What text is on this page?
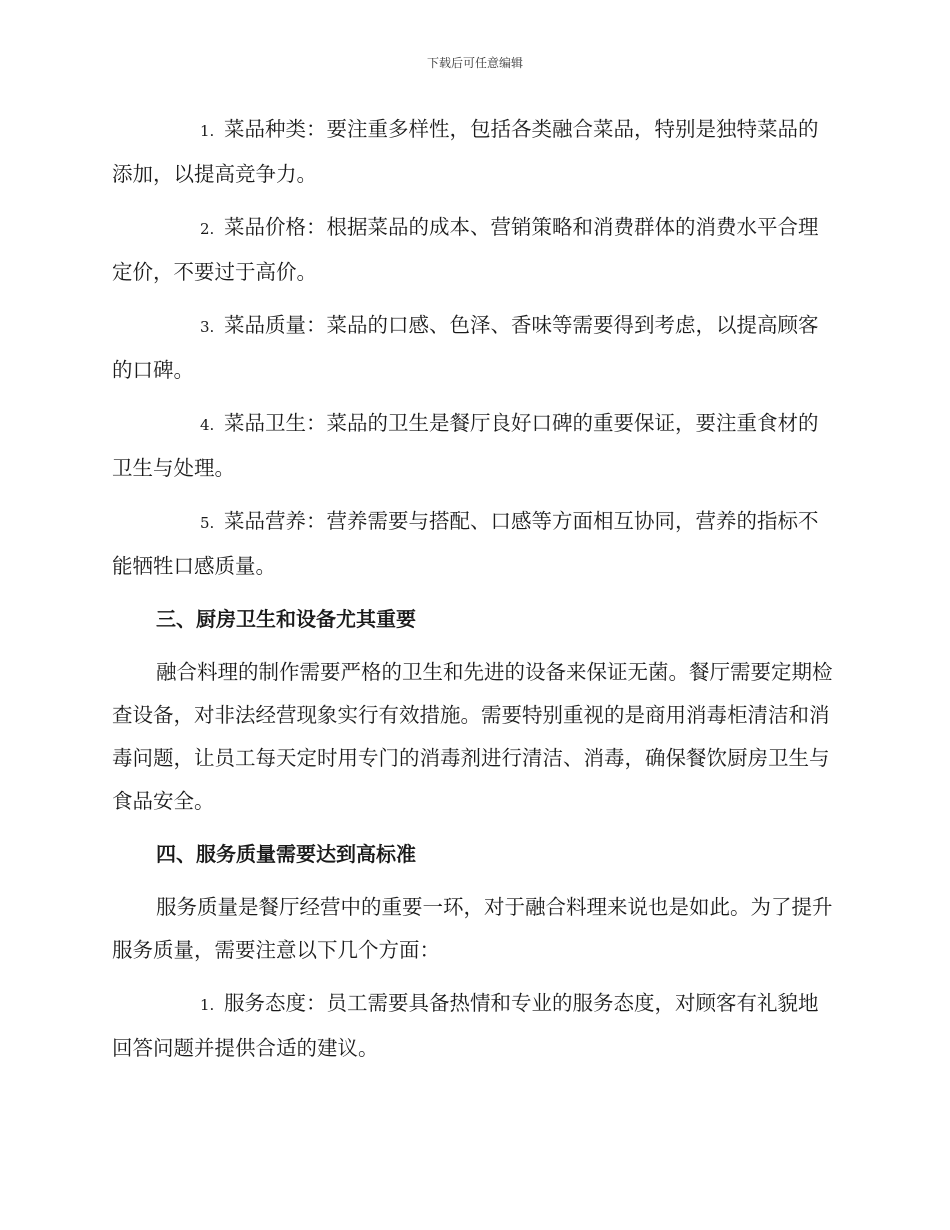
下载后可任意编辑
1. 菜品种类：要注重多样性，包括各类融合菜品，特别是独特菜品的添加，以提高竞争力。
2. 菜品价格：根据菜品的成本、营销策略和消费群体的消费水平合理定价，不要过于高价。
3. 菜品质量：菜品的口感、色泽、香味等需要得到考虑，以提高顾客的口碑。
4. 菜品卫生：菜品的卫生是餐厅良好口碑的重要保证，要注重食材的卫生与处理。
5. 菜品营养：营养需要与搭配、口感等方面相互协同，营养的指标不能牺牲口感质量。
三、厨房卫生和设备尤其重要
融合料理的制作需要严格的卫生和先进的设备来保证无菌。餐厅需要定期检查设备，对非法经营现象实行有效措施。需要特别重视的是商用消毒柜清洁和消毒问题，让员工每天定时用专门的消毒剂进行清洁、消毒，确保餐饮厨房卫生与食品安全。
四、服务质量需要达到高标准
服务质量是餐厅经营中的重要一环，对于融合料理来说也是如此。为了提升服务质量，需要注意以下几个方面：
1. 服务态度：员工需要具备热情和专业的服务态度，对顾客有礼貌地回答问题并提供合适的建议。
